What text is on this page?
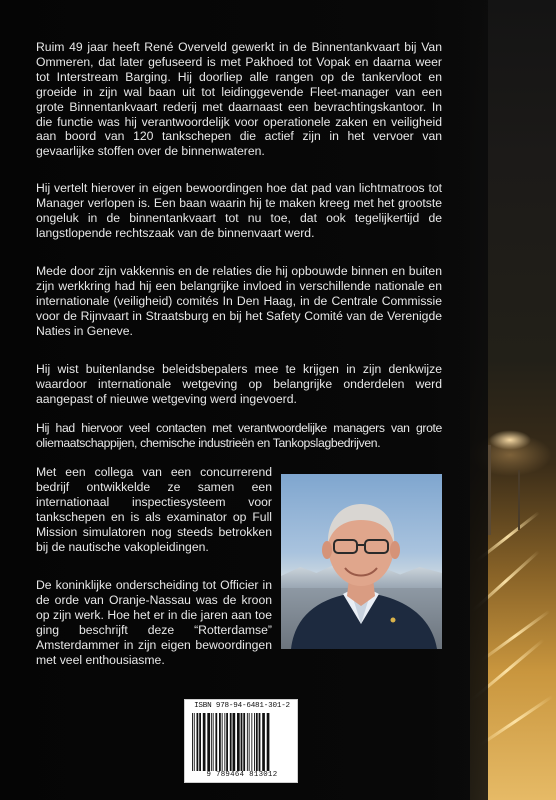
Ruim 49 jaar heeft René Overveld gewerkt in de Binnentankvaart bij Van Ommeren, dat later gefuseerd is met Pakhoed tot Vopak en daarna weer tot Interstream Barging. Hij doorliep alle rangen op de tankervloot en groeide in zijn wal baan uit tot leidinggevende Fleet-manager van een grote Binnentankvaart rederij met daarnaast een bevrachtingskantoor. In die functie was hij verantwoordelijk voor operationele zaken en veiligheid aan boord van 120 tankschepen die actief zijn in het vervoer van gevaarlijke stoffen over de binnenwateren.

Hij vertelt hierover in eigen bewoordingen hoe dat pad van lichtmatroos tot Manager verlopen is. Een baan waarin hij te maken kreeg met het grootste ongeluk in de binnentankvaart tot nu toe, dat ook tegelijkertijd de langstlopende rechtszaak van de binnenvaart werd.

Mede door zijn vakkennis en de relaties die hij opbouwde binnen en buiten zijn werkkring had hij een belangrijke invloed in verschillende nationale en internationale (veiligheid) comités In Den Haag, in de Centrale Commissie voor de Rijnvaart in Straatsburg en bij het Safety Comité van de Verenigde Naties in Geneve.

Hij wist buitenlandse beleidsbepalers mee te krijgen in zijn denkwijze waardoor internationale wetgeving op belangrijke onderdelen werd aangepast of nieuwe wetgeving werd ingevoerd.

Hij had hiervoor veel contacten met verantwoordelijke managers van grote oliemaatschappijen, chemische industrieën en Tankopslagbedrijven.

Met een collega van een concurrerend bedrijf ontwikkelde ze samen een internationaal inspectiesysteem voor tankschepen en is als examinator op Full Mission simulatoren nog steeds betrokken bij de nautische vakopleidingen.

De koninklijke onderscheiding tot Officier in de orde van Oranje-Nassau was de kroon op zijn werk. Hoe het er in die jaren aan toe ging beschrijft deze “Rotterdamse” Amsterdammer in zijn eigen bewoordingen met veel enthousiasme.

ISBN 978-94-6481-301-2
9 789464 813012
